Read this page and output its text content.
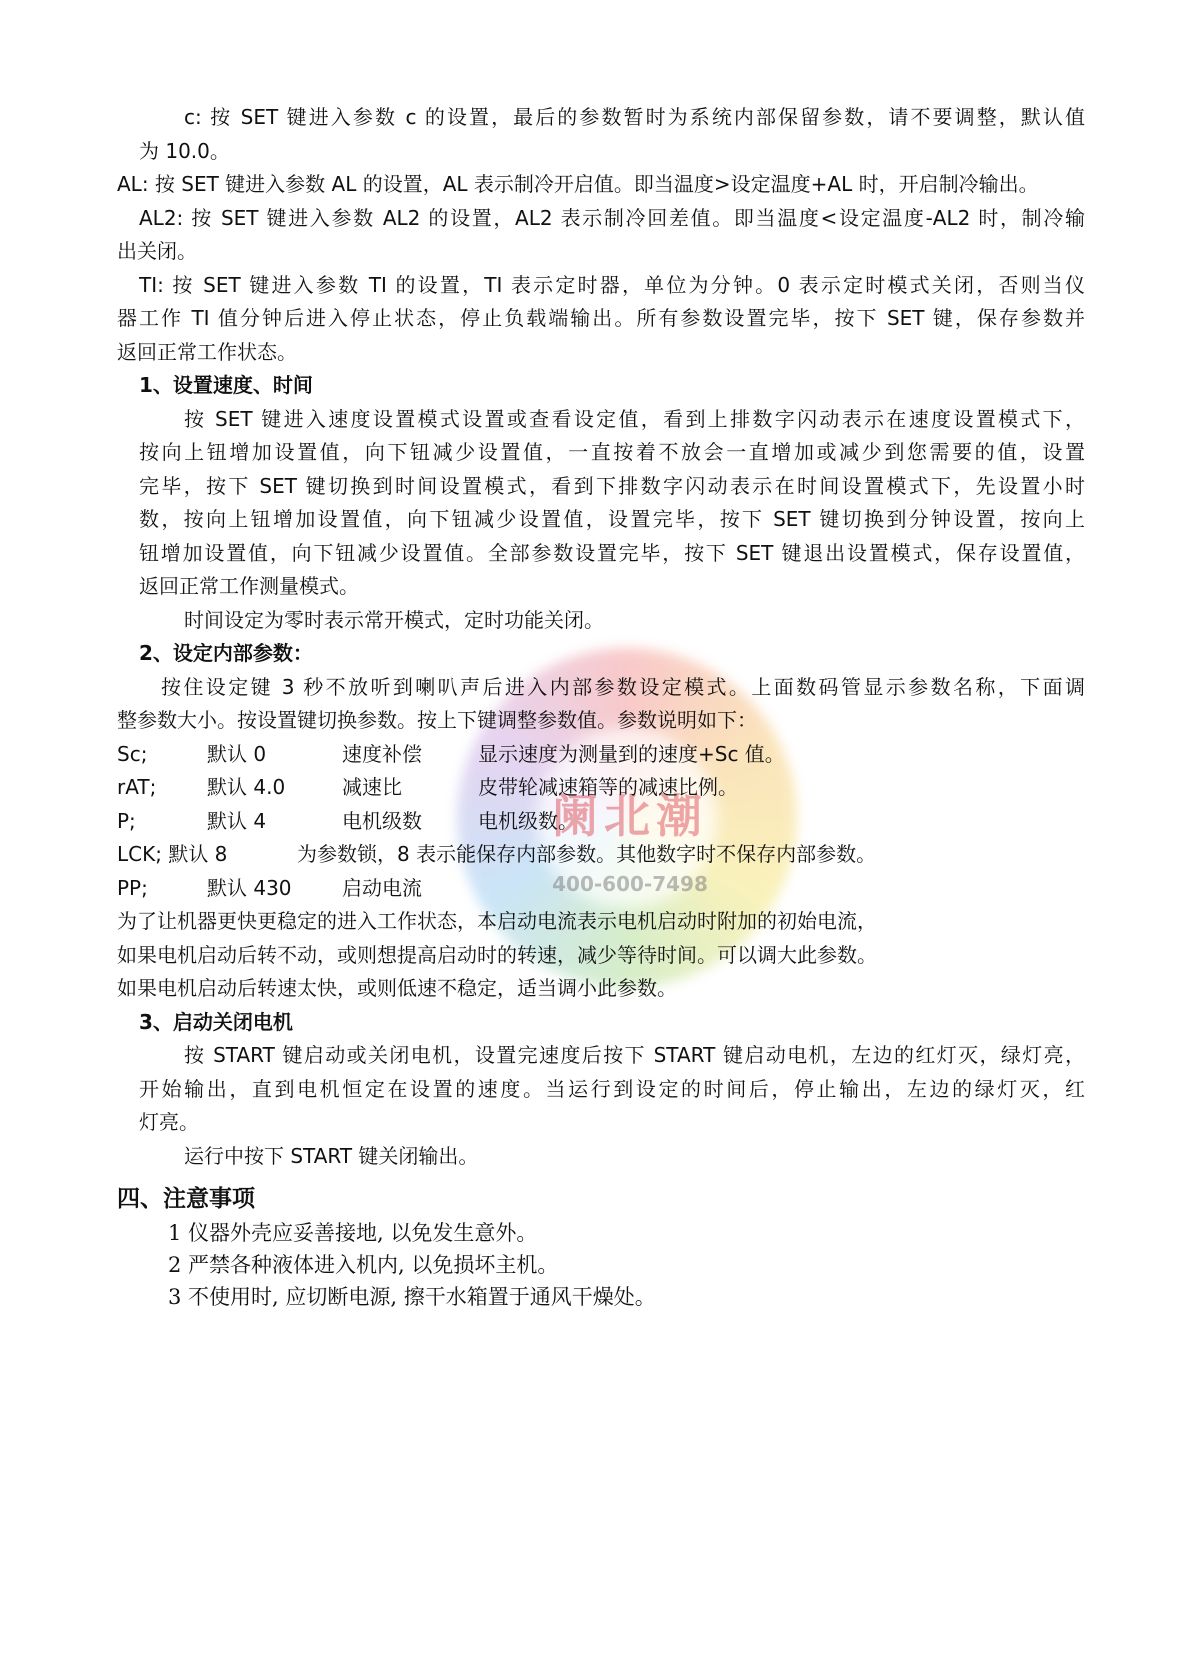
阑北潮
400-600-7498
c: 按 SET 键进入参数 c 的设置，最后的参数暂时为系统内部保留参数，请不要调整，默认值
为 10.0。
AL: 按 SET 键进入参数 AL 的设置，AL 表示制冷开启值。即当温度>设定温度+AL 时，开启制冷输出。
AL2: 按 SET 键进入参数 AL2 的设置，AL2 表示制冷回差值。即当温度<设定温度-AL2 时，制冷输
出关闭。
TI: 按 SET 键进入参数 TI 的设置，TI 表示定时器，单位为分钟。0 表示定时模式关闭，否则当仪
器工作 TI 值分钟后进入停止状态，停止负载端输出。所有参数设置完毕，按下 SET 键，保存参数并
返回正常工作状态。
1、设置速度、时间
按 SET 键进入速度设置模式设置或查看设定值，看到上排数字闪动表示在速度设置模式下，
按向上钮增加设置值，向下钮减少设置值，一直按着不放会一直增加或减少到您需要的值，设置
完毕，按下 SET 键切换到时间设置模式，看到下排数字闪动表示在时间设置模式下，先设置小时
数，按向上钮增加设置值，向下钮减少设置值，设置完毕，按下 SET 键切换到分钟设置，按向上
钮增加设置值，向下钮减少设置值。全部参数设置完毕，按下 SET 键退出设置模式，保存设置值，
返回正常工作测量模式。
时间设定为零时表示常开模式，定时功能关闭。
2、设定内部参数：
按住设定键 3 秒不放听到喇叭声后进入内部参数设定模式。上面数码管显示参数名称，下面调
整参数大小。按设置键切换参数。按上下键调整参数值。参数说明如下：
Sc;	默认 0	速度补偿	显示速度为测量到的速度+Sc 值。
rAT;	默认 4.0	减速比	皮带轮减速箱等的减速比例。
P;	默认 4	电机级数	电机级数。
LCK; 默认 8	为参数锁，8 表示能保存内部参数。其他数字时不保存内部参数。
PP;	默认 430	启动电流
为了让机器更快更稳定的进入工作状态，本启动电流表示电机启动时附加的初始电流，
如果电机启动后转不动，或则想提高启动时的转速，减少等待时间。可以调大此参数。
如果电机启动后转速太快，或则低速不稳定，适当调小此参数。
3、启动关闭电机
按 START 键启动或关闭电机，设置完速度后按下 START 键启动电机，左边的红灯灭，绿灯亮，
开始输出，直到电机恒定在设置的速度。当运行到设定的时间后，停止输出，左边的绿灯灭，红
灯亮。
运行中按下 START 键关闭输出。
四、注意事项
1 仪器外壳应妥善接地, 以免发生意外。
2 严禁各种液体进入机内, 以免损坏主机。
3 不使用时, 应切断电源, 擦干水箱置于通风干燥处。
